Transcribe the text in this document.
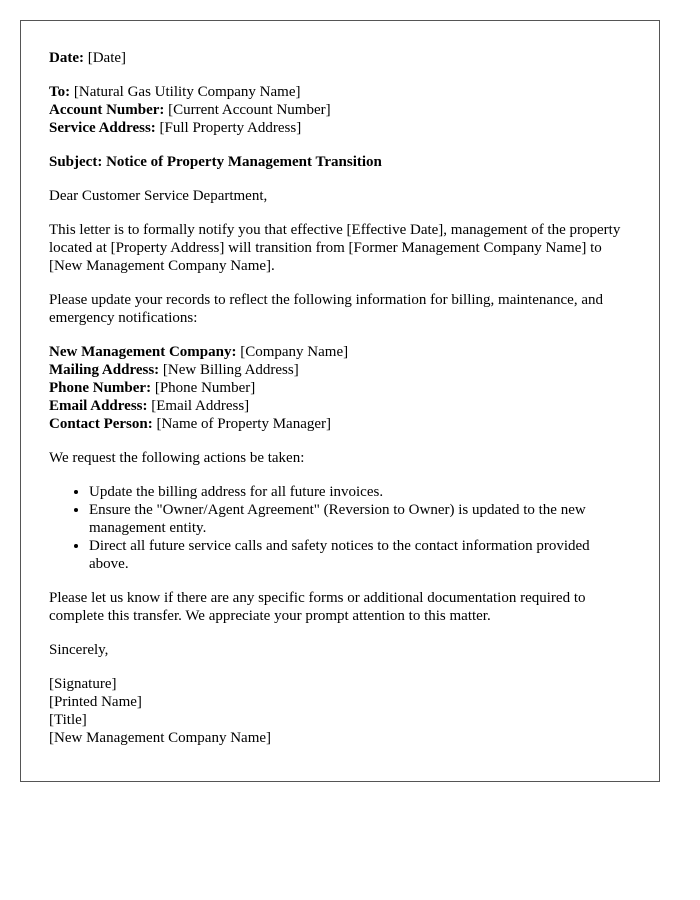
Date: [Date]
To: [Natural Gas Utility Company Name]
Account Number: [Current Account Number]
Service Address: [Full Property Address]
Subject: Notice of Property Management Transition
Dear Customer Service Department,
This letter is to formally notify you that effective [Effective Date], management of the property located at [Property Address] will transition from [Former Management Company Name] to [New Management Company Name].
Please update your records to reflect the following information for billing, maintenance, and emergency notifications:
New Management Company: [Company Name]
Mailing Address: [New Billing Address]
Phone Number: [Phone Number]
Email Address: [Email Address]
Contact Person: [Name of Property Manager]
We request the following actions be taken:
• Update the billing address for all future invoices.
• Ensure the "Owner/Agent Agreement" (Reversion to Owner) is updated to the new management entity.
• Direct all future service calls and safety notices to the contact information provided above.
Please let us know if there are any specific forms or additional documentation required to complete this transfer. We appreciate your prompt attention to this matter.
Sincerely,
[Signature]
[Printed Name]
[Title]
[New Management Company Name]
